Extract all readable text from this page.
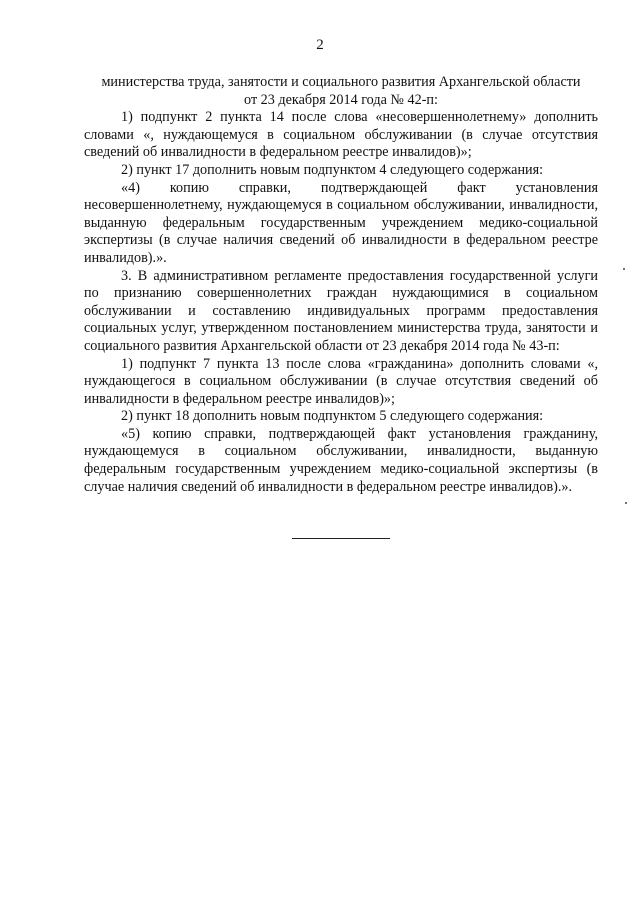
2

министерства труда, занятости и социального развития Архангельской области

от 23 декабря 2014 года № 42-п:

1) подпункт 2 пункта 14 после слова «несовершеннолетнему» дополнить словами «, нуждающемуся в социальном обслуживании (в случае отсутствия сведений об инвалидности в федеральном реестре инвалидов)»;

2) пункт 17 дополнить новым подпунктом 4 следующего содержания:

«4) копию справки, подтверждающей факт установления несовершеннолетнему, нуждающемуся в социальном обслуживании, инвалидности, выданную федеральным государственным учреждением медико-социальной экспертизы (в случае наличия сведений об инвалидности в федеральном реестре инвалидов).».

3. В административном регламенте предоставления государственной услуги по признанию совершеннолетних граждан нуждающимися в социальном обслуживании и составлению индивидуальных программ предоставления социальных услуг, утвержденном постановлением министерства труда, занятости и социального развития Архангельской области от 23 декабря 2014 года № 43-п:

1) подпункт 7 пункта 13 после слова «гражданина» дополнить словами «, нуждающегося в социальном обслуживании (в случае отсутствия сведений об инвалидности в федеральном реестре инвалидов)»;

2) пункт 18 дополнить новым подпунктом 5 следующего содержания:

«5) копию справки, подтверждающей факт установления гражданину, нуждающемуся в социальном обслуживании, инвалидности, выданную федеральным государственным учреждением медико-социальной экспертизы (в случае наличия сведений об инвалидности в федеральном реестре инвалидов).».
